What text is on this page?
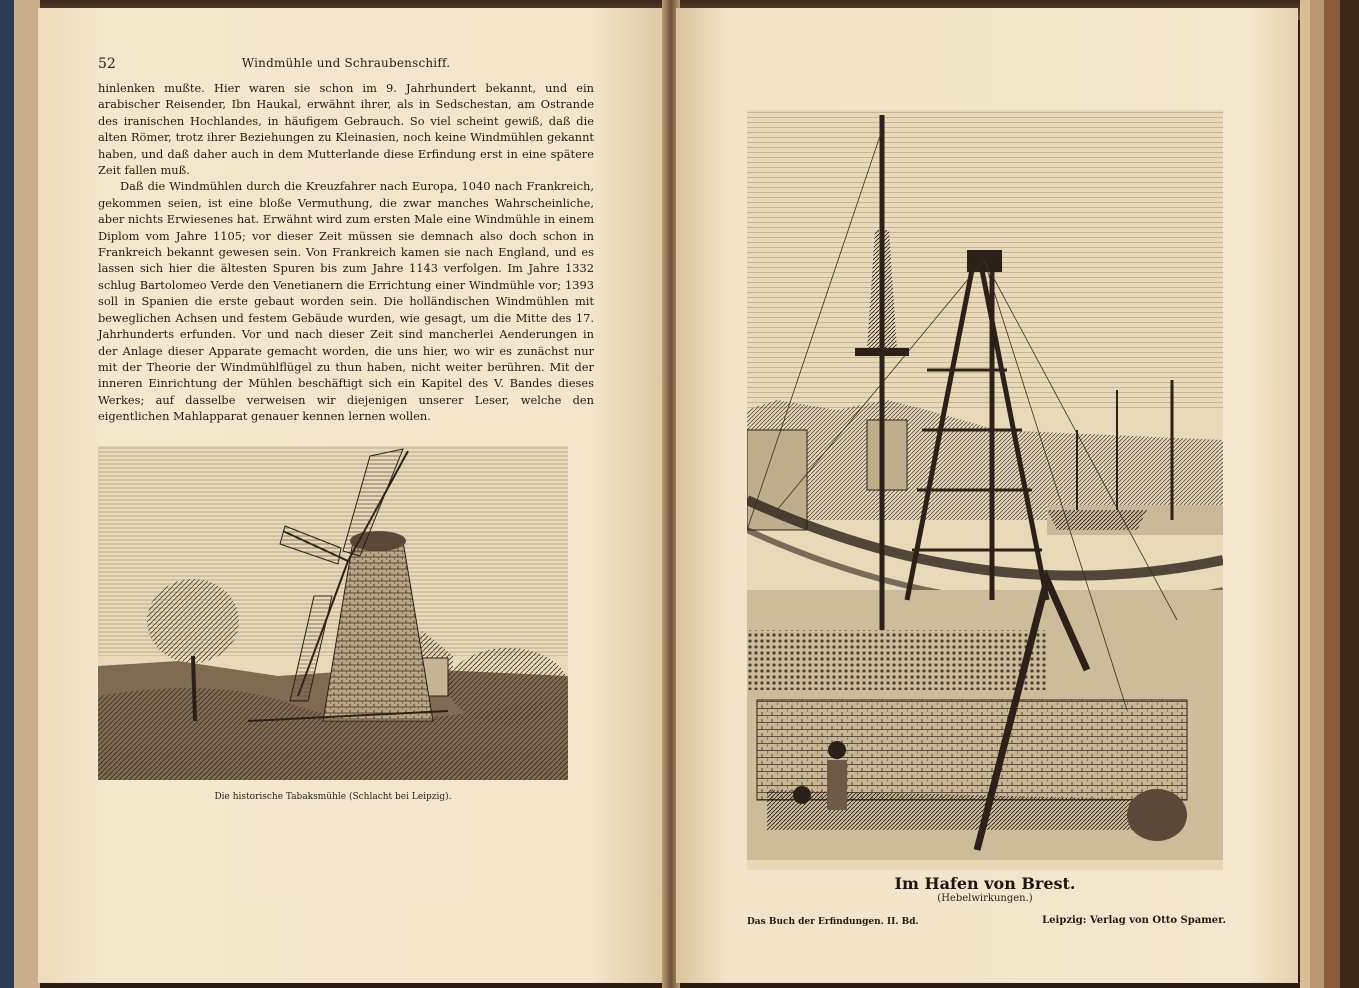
52	Windmühle und Schraubenschiff.

hinlenken mußte. Hier waren sie schon im 9. Jahrhundert bekannt, und ein arabischer Reisender, Ibn Haukal, erwähnt ihrer, als in Sedschestan, am Ostrande des iranischen Hochlandes, in häufigem Gebrauch. So viel scheint gewiß, daß die alten Römer, trotz ihrer Beziehungen zu Kleinasien, noch keine Windmühlen gekannt haben, und daß daher auch in dem Mutterlande diese Erfindung erst in eine spätere Zeit fallen muß.

Daß die Windmühlen durch die Kreuzfahrer nach Europa, 1040 nach Frankreich, gekommen seien, ist eine bloße Vermuthung, die zwar manches Wahrscheinliche, aber nichts Erwiesenes hat. Erwähnt wird zum ersten Male eine Windmühle in einem Diplom vom Jahre 1105; vor dieser Zeit müssen sie demnach also doch schon in Frankreich bekannt gewesen sein. Von Frankreich kamen sie nach England, und es lassen sich hier die ältesten Spuren bis zum Jahre 1143 verfolgen. Im Jahre 1332 schlug Bartolomeo Verde den Venetianern die Errichtung einer Windmühle vor; 1393 soll in Spanien die erste gebaut worden sein. Die holländischen Windmühlen mit beweglichen Achsen und festem Gebäude wurden, wie gesagt, um die Mitte des 17. Jahrhunderts erfunden. Vor und nach dieser Zeit sind mancherlei Aenderungen in der Anlage dieser Apparate gemacht worden, die uns hier, wo wir es zunächst nur mit der Theorie der Windmühlflügel zu thun haben, nicht weiter berühren. Mit der inneren Einrichtung der Mühlen beschäftigt sich ein Kapitel des V. Bandes dieses Werkes; auf dasselbe verweisen wir diejenigen unserer Leser, welche den eigentlichen Mahlapparat genauer kennen lernen wollen.

Die historische Tabaksmühle (Schlacht bei Leipzig).
Im Hafen von Brest.
(Hebelwirkungen.)
Das Buch der Erfindungen. II. Bd.	Leipzig: Verlag von Otto Spamer.
